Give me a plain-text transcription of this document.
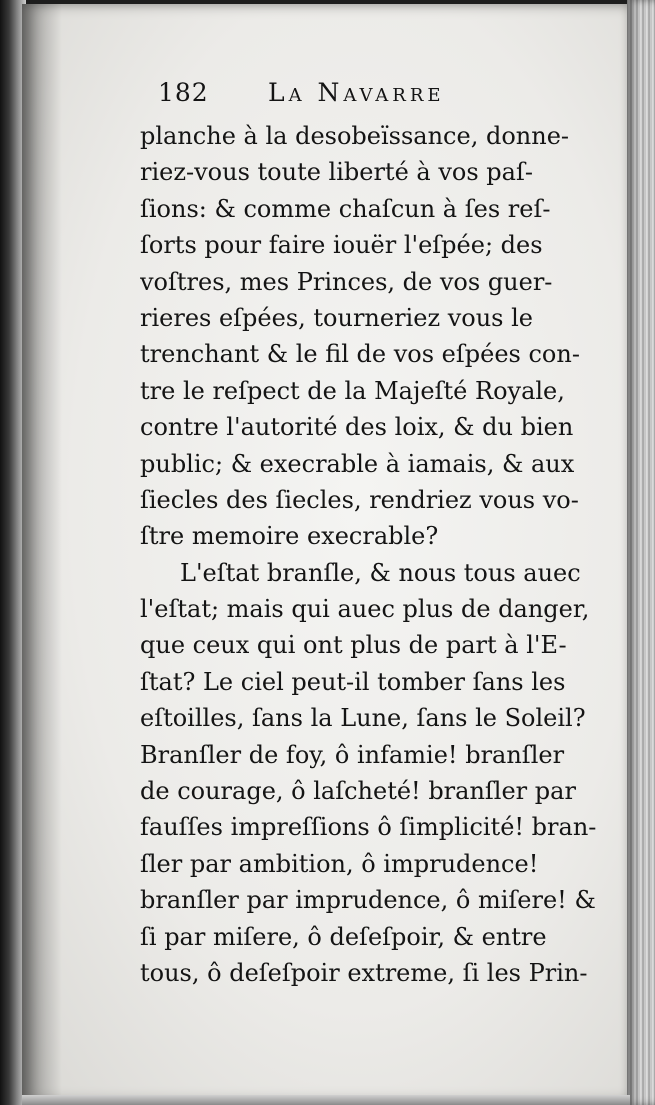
182	La Navarre
planche à la desobeïssance, donne-
riez-vous toute liberté à vos paſ-
ſions: & comme chaſcun à ſes reſ-
ſorts pour faire iouër l'eſpée; des
voſtres, mes Princes, de vos guer-
rieres eſpées, tourneriez vous le
trenchant & le fil de vos eſpées con-
tre le reſpect de la Majeſté Royale,
contre l'autorité des loix, & du bien
public; & execrable à iamais, & aux
ſiecles des ſiecles, rendriez vous vo-
ſtre memoire execrable?
L'eſtat branſle, & nous tous auec
l'eſtat; mais qui auec plus de danger,
que ceux qui ont plus de part à l'E-
ſtat? Le ciel peut-il tomber ſans les
eſtoilles, ſans la Lune, ſans le Soleil?
Branſler de foy, ô infamie! branſler
de courage, ô laſcheté! branſler par
fauſſes impreſſions ô ſimplicité! bran-
ſler par ambition, ô imprudence!
branſler par imprudence, ô miſere! &
ſi par miſere, ô deſeſpoir, & entre
tous, ô deſeſpoir extreme, ſi les Prin-
